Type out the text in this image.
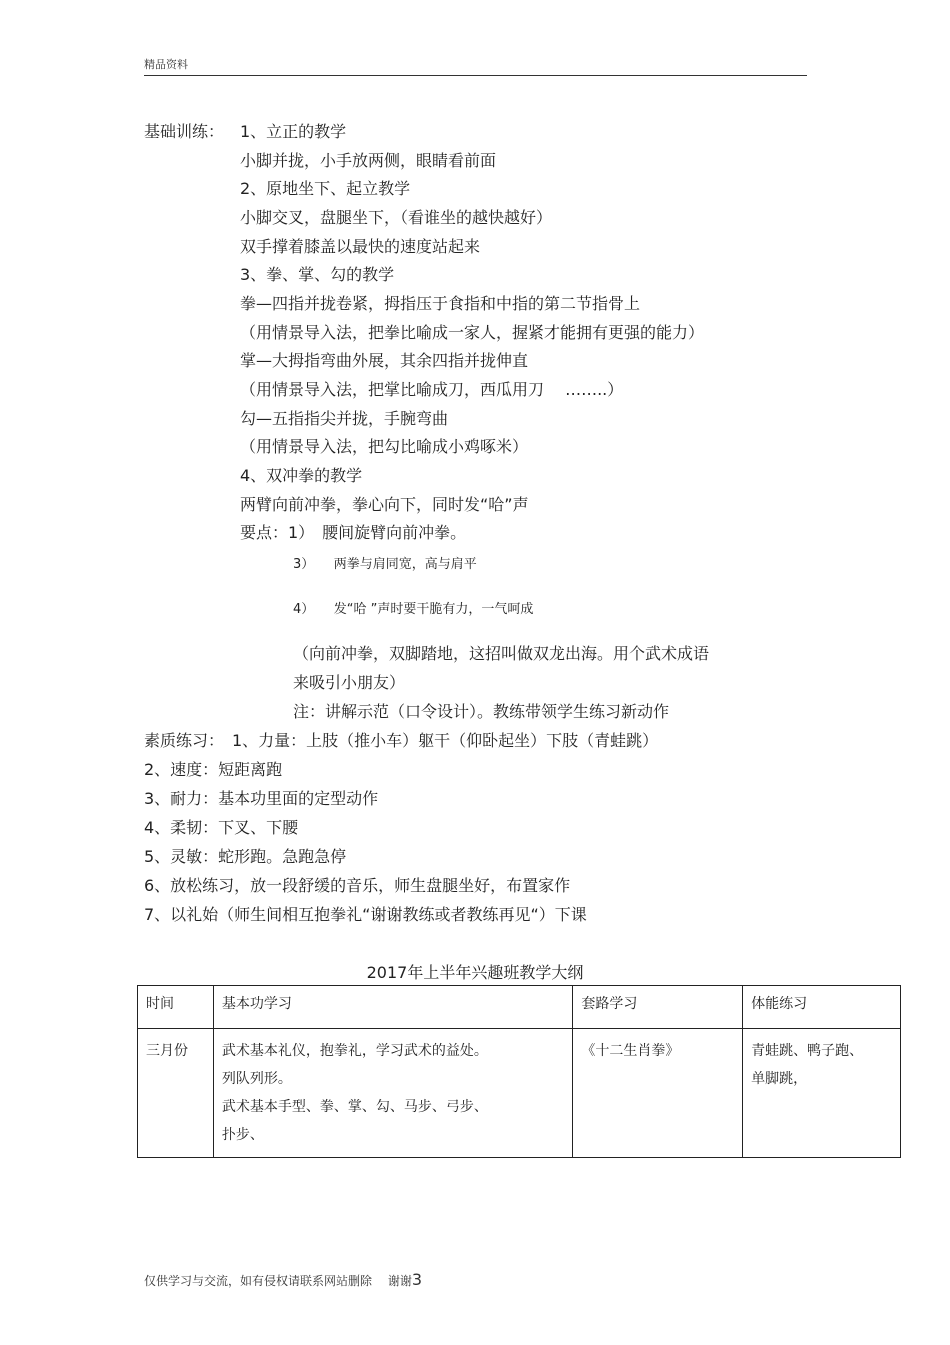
精品资料
基础训练： 1、立正的教学
小脚并拢，小手放两侧，眼睛看前面
2、原地坐下、起立教学
小脚交叉，盘腿坐下，（看谁坐的越快越好）
双手撑着膝盖以最快的速度站起来
3、拳、掌、勾的教学
拳—四指并拢卷紧，拇指压于食指和中指的第二节指骨上
（用情景导入法，把拳比喻成一家人，握紧才能拥有更强的能力）
掌—大拇指弯曲外展，其余四指并拢伸直
（用情景导入法，把掌比喻成刀，西瓜用刀　 ……..）
勾—五指指尖并拢，手腕弯曲
（用情景导入法，把勾比喻成小鸡啄米）
4、双冲拳的教学
两臂向前冲拳，拳心向下，同时发“哈”声
要点：1）　腰间旋臂向前冲拳。
3）　　两拳与肩同宽，高与肩平
4）　　发“哈 ”声时要干脆有力，一气呵成
（向前冲拳，双脚踏地，这招叫做双龙出海。用个武术成语
来吸引小朋友）
注：讲解示范（口令设计）。教练带领学生练习新动作
素质练习：　1、力量：上肢（推小车）躯干（仰卧起坐）下肢（青蛙跳）
2、速度：短距离跑
3、耐力：基本功里面的定型动作
4、柔韧：下叉、下腰
5、灵敏：蛇形跑。急跑急停
6、放松练习，放一段舒缓的音乐，师生盘腿坐好，布置家作
7、以礼始（师生间相互抱拳礼“谢谢教练或者教练再见“）下课
2017年上半年兴趣班教学大纲
时间	基本功学习	套路学习	体能练习
三月份	武术基本礼仪，抱拳礼，学习武术的益处。
列队列形。
武术基本手型、拳、掌、勾、马步、弓步、
扑步、	《十二生肖拳》	青蛙跳、鸭子跑、
单脚跳，
仅供学习与交流，如有侵权请联系网站删除　 谢谢3
